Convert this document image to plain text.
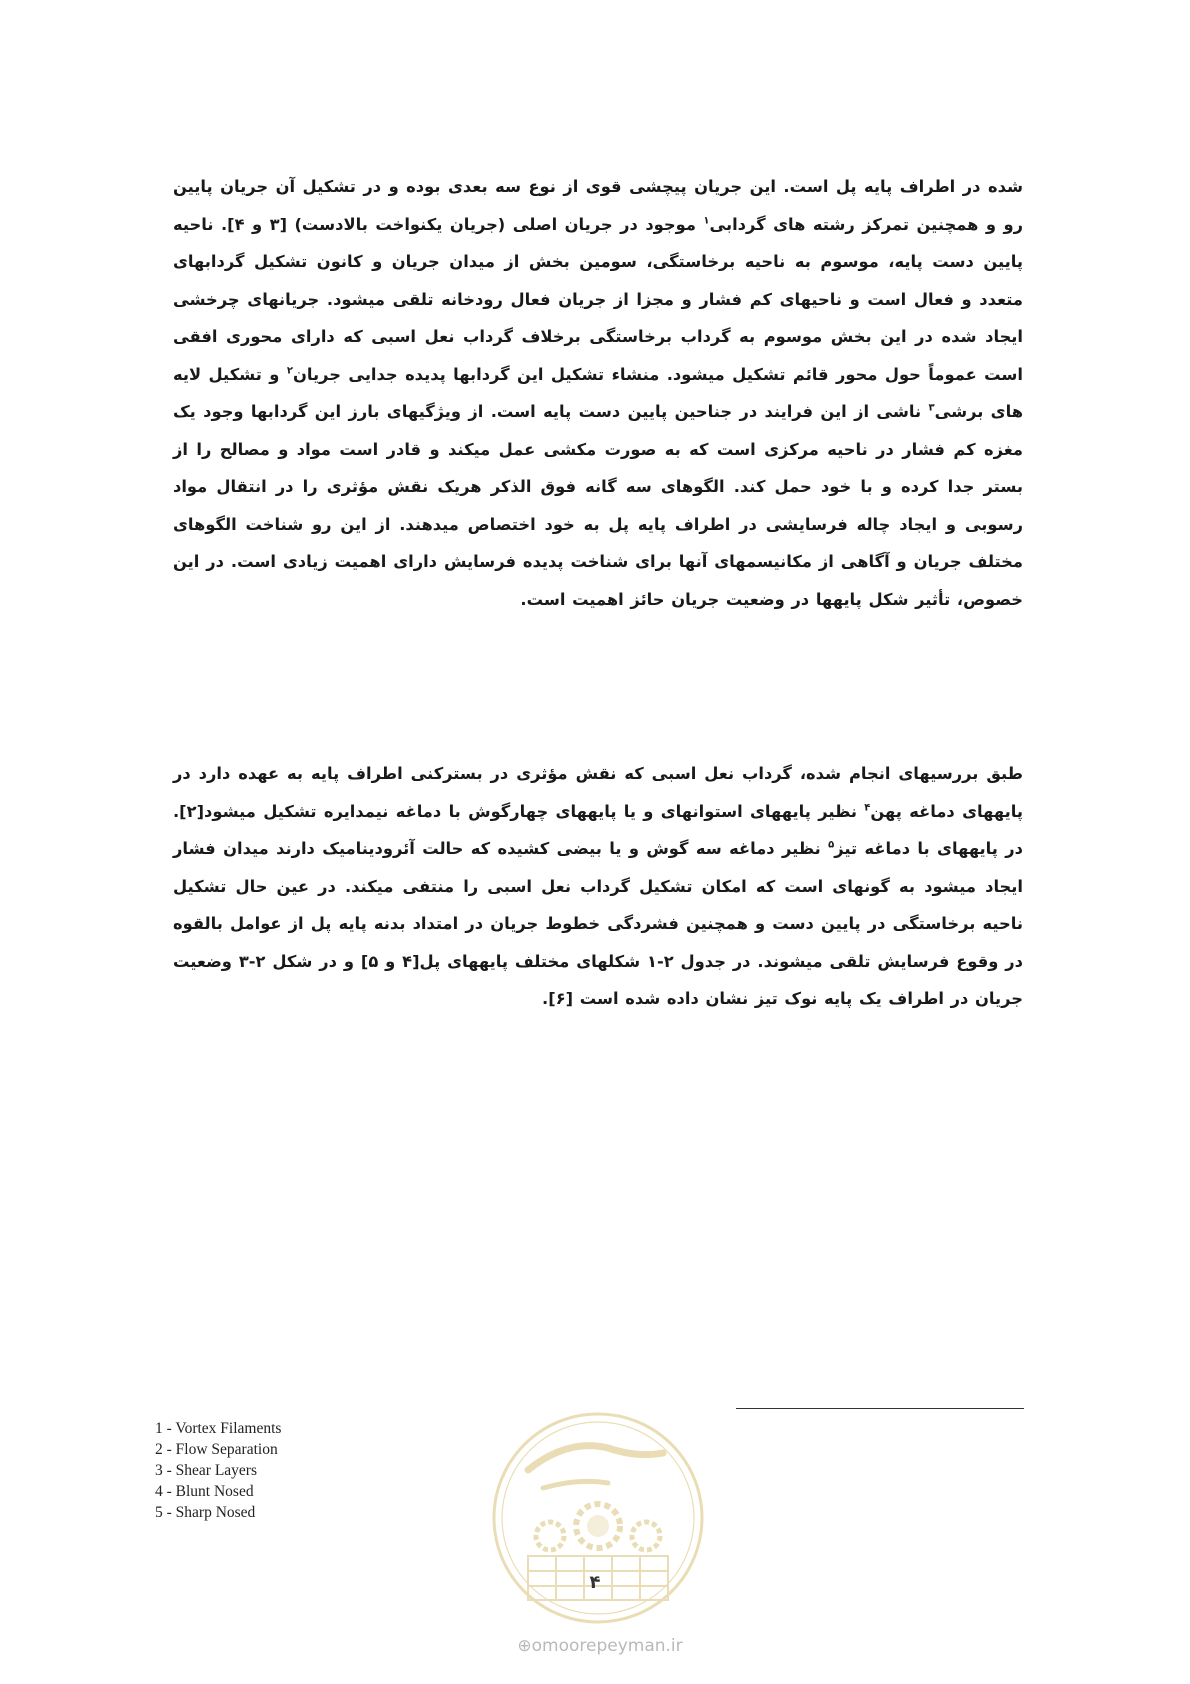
شده در اطراف پایه پل است. این جریان پیچشی قوی از نوع سه بعدی بوده و در تشکیل آن جریان پایین رو و همچنین تمرکز رشته های گردابی$^۱$ موجود در جریان اصلی (جریان یکنواخت بالادست) [۳ و ۴]. ناحیه پایین دست پایه، موسوم به ناحیه برخاستگی، سومین بخش از میدان جریان و کانون تشکیل گردابهای متعدد و فعال است و ناحیهای کم فشار و مجزا از جریان فعال رودخانه تلقی میشود. جریانهای چرخشی ایجاد شده در این بخش موسوم به گرداب برخاستگی برخلاف گرداب نعل اسبی که دارای محوری افقی است عموماً حول محور قائم تشکیل میشود. منشاء تشکیل این گردابها پدیده جدایی جریان$^۲$ و تشکیل لایه های برشی$^۳$ ناشی از این فرایند در جناحین پایین دست پایه است. از ویژگیهای بارز این گردابها وجود یک مغزه کم فشار در ناحیه مرکزی است که به صورت مکشی عمل میکند و قادر است مواد و مصالح را از بستر جدا کرده و با خود حمل کند. الگوهای سه گانه فوق الذکر هریک نقش مؤثری را در انتقال مواد رسوبی و ایجاد چاله فرسایشی در اطراف پایه پل به خود اختصاص میدهند. از این رو شناخت الگوهای مختلف جریان و آگاهی از مکانیسمهای آنها برای شناخت پدیده فرسایش دارای اهمیت زیادی است. در این خصوص، تأثیر شکل پایهها در وضعیت جریان حائز اهمیت است.
طبق بررسیهای انجام شده، گرداب نعل اسبی که نقش مؤثری در بسترکنی اطراف پایه به عهده دارد در پایههای دماغه پهن$^۴$ نظیر پایههای استوانهای و یا پایههای چهارگوش با دماغه نیمدایره تشکیل میشود[۲]. در پایههای با دماغه تیز$^۵$ نظیر دماغه سه گوش و یا بیضی کشیده که حالت آئرودینامیک دارند میدان فشار ایجاد میشود به گونهای است که امکان تشکیل گرداب نعل اسبی را منتفی میکند. در عین حال تشکیل ناحیه برخاستگی در پایین دست و همچنین فشردگی خطوط جریان در امتداد بدنه پایه پل از عوامل بالقوه در وقوع فرسایش تلقی میشوند. در جدول ۲-۱ شکلهای مختلف پایههای پل[۴ و ۵] و در شکل ۲-۳ وضعیت جریان در اطراف یک پایه نوک تیز نشان داده شده است [۶].
1 - Vortex Filaments
2 - Flow Separation
3 - Shear Layers
4 - Blunt Nosed
5 - Sharp Nosed
۴
⊕omoorepeyman.ir
